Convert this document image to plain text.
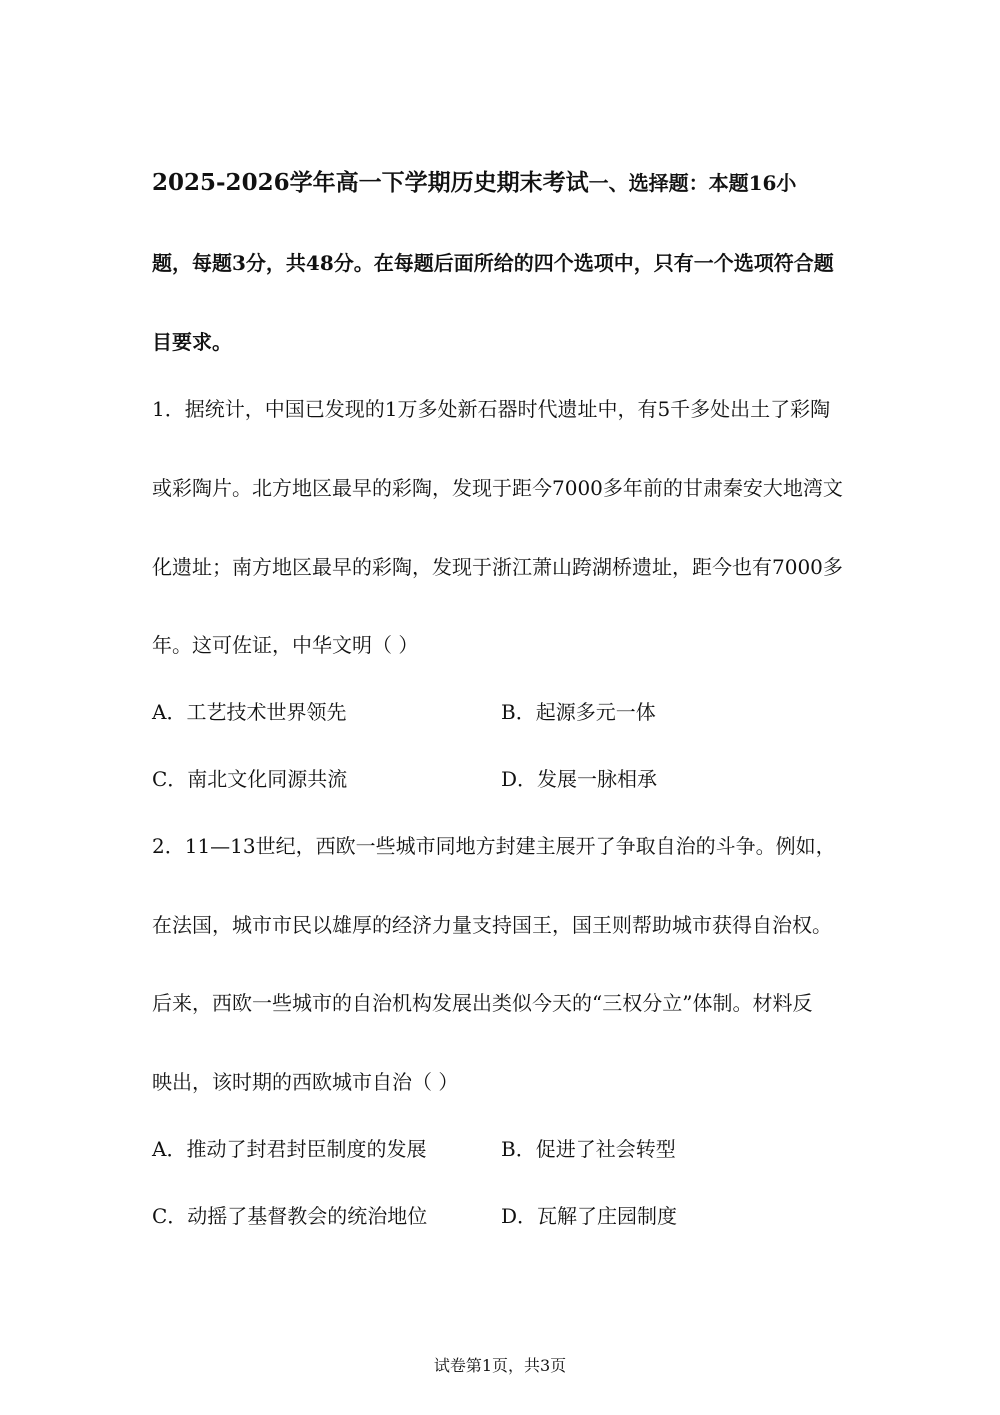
2025-2026学年高一下学期历史期末考试一、选择题：本题16小
题，每题3分，共48分。在每题后面所给的四个选项中，只有一个选项符合题
目要求。
1．据统计，中国已发现的1万多处新石器时代遗址中，有5千多处出土了彩陶
或彩陶片。北方地区最早的彩陶，发现于距今7000多年前的甘肃秦安大地湾文
化遗址；南方地区最早的彩陶，发现于浙江萧山跨湖桥遗址，距今也有7000多
年。这可佐证，中华文明（ ）
A．工艺技术世界领先	B．起源多元一体
C．南北文化同源共流	D．发展一脉相承
2．11—13世纪，西欧一些城市同地方封建主展开了争取自治的斗争。例如，
在法国，城市市民以雄厚的经济力量支持国王，国王则帮助城市获得自治权。
后来，西欧一些城市的自治机构发展出类似今天的“三权分立”体制。材料反
映出，该时期的西欧城市自治（ ）
A．推动了封君封臣制度的发展	B．促进了社会转型
C．动摇了基督教会的统治地位	D．瓦解了庄园制度
试卷第1页，共3页
